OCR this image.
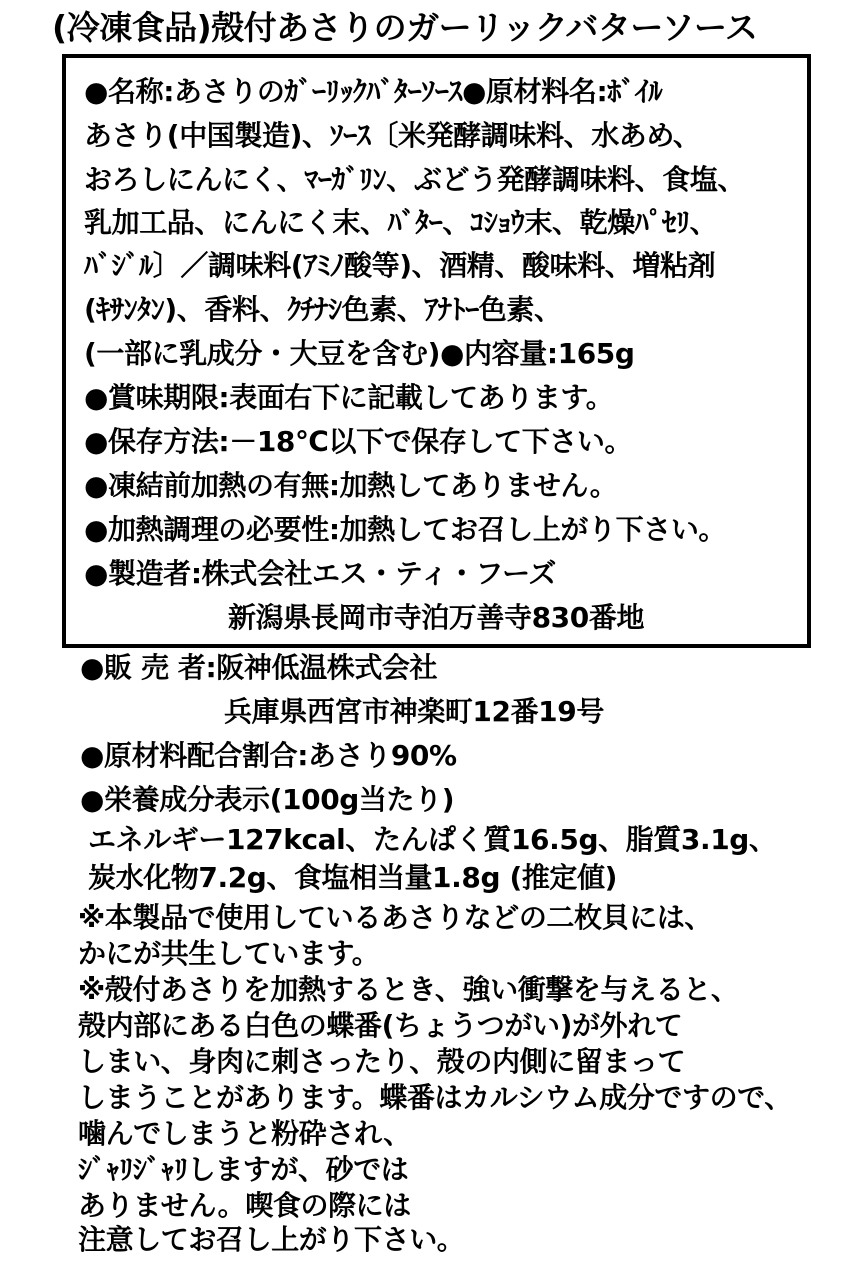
(冷凍食品)殻付あさりのガーリックバターソース
●名称:あさりのｶﾞｰﾘｯｸﾊﾞﾀｰｿｰｽ●原材料名:ﾎﾞｲﾙ
あさり(中国製造)、ｿｰｽ〔米発酵調味料、水あめ、
おろしにんにく、ﾏｰｶﾞﾘﾝ、ぶどう発酵調味料、食塩、
乳加工品、にんにく末、ﾊﾞﾀｰ、ｺｼｮｳ末、乾燥ﾊﾟｾﾘ、
ﾊﾞｼﾞﾙ〕／調味料(ｱﾐﾉ酸等)、酒精、酸味料、増粘剤
(ｷｻﾝﾀﾝ)、香料、ｸﾁﾅｼ色素、ｱﾅﾄｰ色素、
(一部に乳成分・大豆を含む)●内容量:165g
●賞味期限:表面右下に記載してあります。
●保存方法:－18℃以下で保存して下さい。
●凍結前加熱の有無:加熱してありません。
●加熱調理の必要性:加熱してお召し上がり下さい。
●製造者:株式会社エス・ティ・フーズ
新潟県長岡市寺泊万善寺830番地
●販 売 者:阪神低温株式会社
兵庫県西宮市神楽町12番19号
●原材料配合割合:あさり90%
●栄養成分表示(100g当たり)
エネルギー127kcal、たんぱく質16.5g、脂質3.1g、
炭水化物7.2g、食塩相当量1.8g (推定値)
※本製品で使用しているあさりなどの二枚貝には、
かにが共生しています。
※殻付あさりを加熱するとき、強い衝撃を与えると、
殻内部にある白色の蝶番(ちょうつがい)が外れて
しまい、身肉に刺さったり、殻の内側に留まって
しまうことがあります。蝶番はカルシウム成分ですので、
噛んでしまうと粉砕され、
ｼﾞｬﾘｼﾞｬﾘしますが、砂では
ありません。喫食の際には
注意してお召し上がり下さい。
